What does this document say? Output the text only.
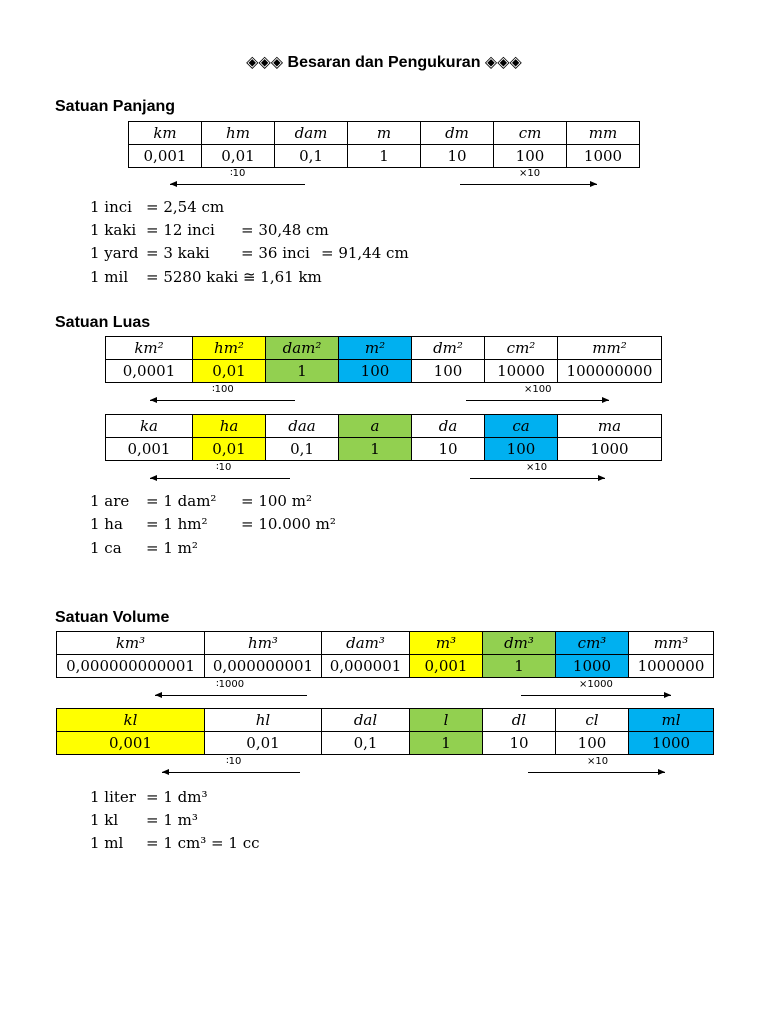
◈◈◈ Besaran dan Pengukuran ◈◈◈
Satuan Panjang
km	hm	dam	m	dm	cm	mm
0,001	0,01	0,1	1	10	100	1000
∶10	×10
1 inci = 2,54 cm
1 kaki = 12 inci = 30,48 cm
1 yard = 3 kaki = 36 inci = 91,44 cm
1 mil = 5280 kaki ≅ 1,61 km
Satuan Luas
km²	hm²	dam²	m²	dm²	cm²	mm²
0,0001	0,01	1	100	100	10000	100000000
∶100	×100
ka	ha	daa	a	da	ca	ma
0,001	0,01	0,1	1	10	100	1000
∶10	×10
1 are = 1 dam² = 100 m²
1 ha = 1 hm² = 10.000 m²
1 ca = 1 m²
Satuan Volume
km³	hm³	dam³	m³	dm³	cm³	mm³
0,000000000001	0,000000001	0,000001	0,001	1	1000	1000000
∶1000	×1000
kl	hl	dal	l	dl	cl	ml
0,001	0,01	0,1	1	10	100	1000
∶10	×10
1 liter = 1 dm³
1 kl = 1 m³
1 ml = 1 cm³ = 1 cc
